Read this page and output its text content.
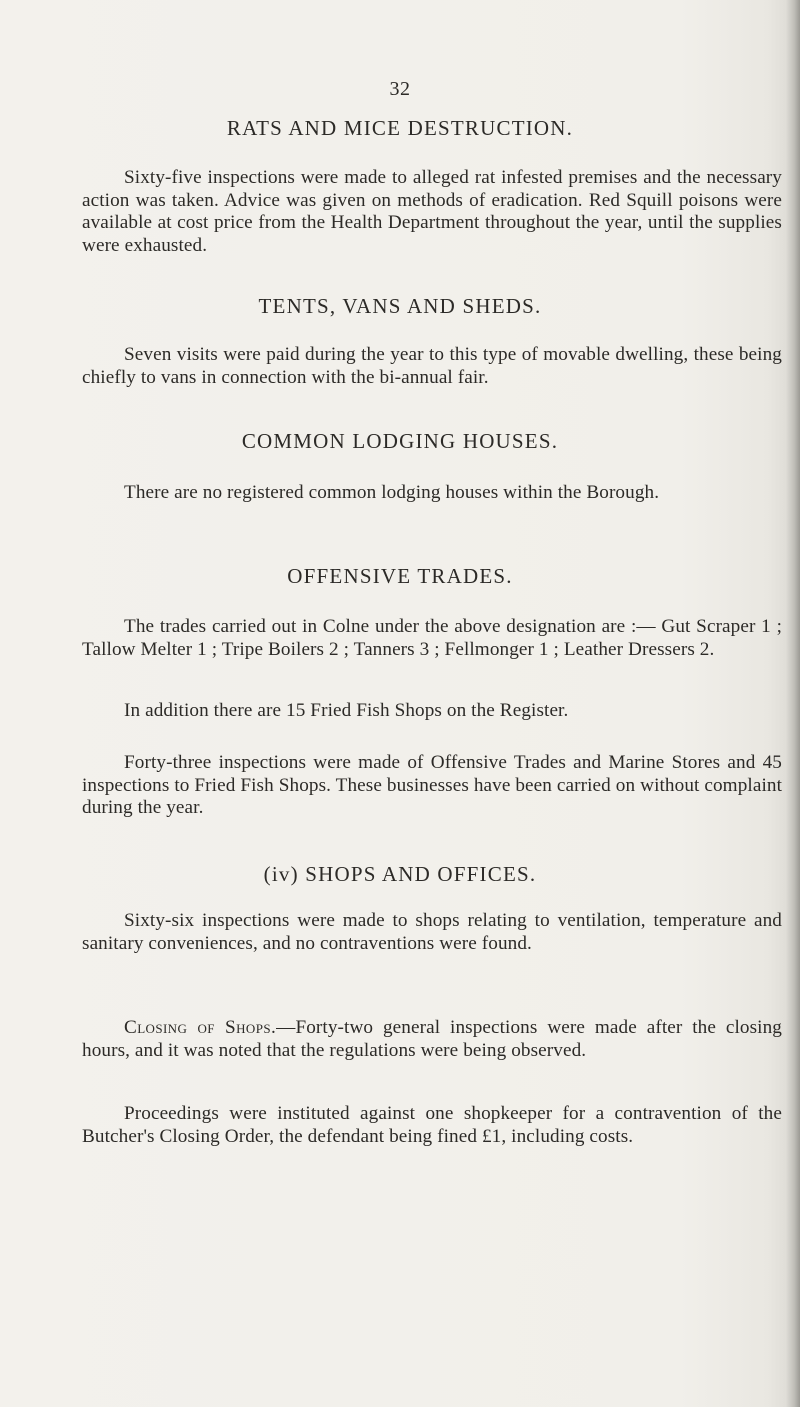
32
RATS AND MICE DESTRUCTION.
Sixty-five inspections were made to alleged rat infested premises and the necessary action was taken. Advice was given on methods of eradication. Red Squill poisons were available at cost price from the Health Department throughout the year, until the supplies were exhausted.
TENTS, VANS AND SHEDS.
Seven visits were paid during the year to this type of movable dwelling, these being chiefly to vans in connection with the bi-annual fair.
COMMON LODGING HOUSES.
There are no registered common lodging houses within the Borough.
OFFENSIVE TRADES.
The trades carried out in Colne under the above designation are :— Gut Scraper 1 ; Tallow Melter 1 ; Tripe Boilers 2 ; Tanners 3 ; Fellmonger 1 ; Leather Dressers 2.
In addition there are 15 Fried Fish Shops on the Register.
Forty-three inspections were made of Offensive Trades and Marine Stores and 45 inspections to Fried Fish Shops. These businesses have been carried on without complaint during the year.
(iv) SHOPS AND OFFICES.
Sixty-six inspections were made to shops relating to ventilation, temperature and sanitary conveniences, and no contraventions were found.
Closing of Shops.—Forty-two general inspections were made after the closing hours, and it was noted that the regulations were being observed.
Proceedings were instituted against one shopkeeper for a contravention of the Butcher's Closing Order, the defendant being fined £1, including costs.
